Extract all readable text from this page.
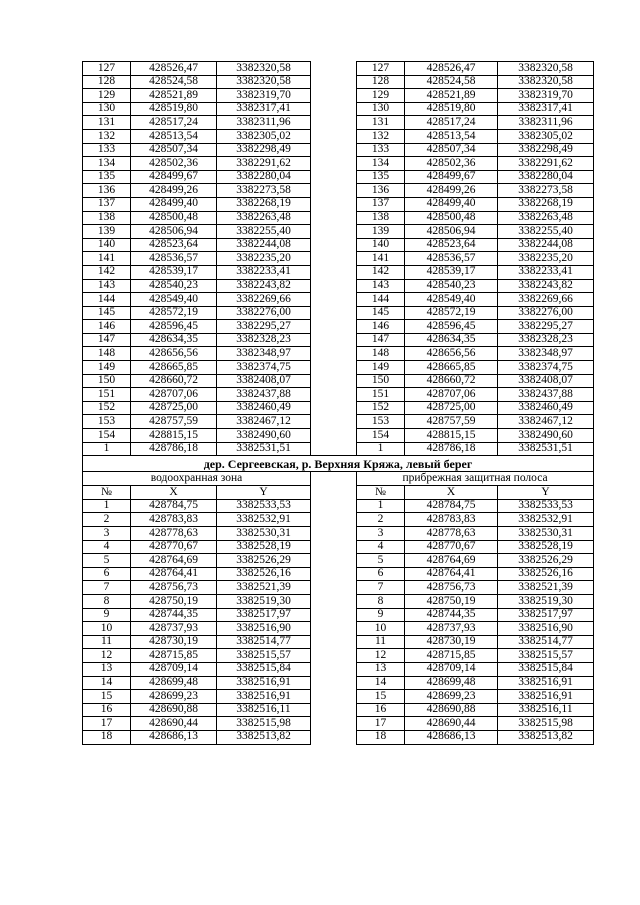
127	428526,47	3382320,58		127	428526,47	3382320,58
128	428524,58	3382320,58		128	428524,58	3382320,58
129	428521,89	3382319,70		129	428521,89	3382319,70
130	428519,80	3382317,41		130	428519,80	3382317,41
131	428517,24	3382311,96		131	428517,24	3382311,96
132	428513,54	3382305,02		132	428513,54	3382305,02
133	428507,34	3382298,49		133	428507,34	3382298,49
134	428502,36	3382291,62		134	428502,36	3382291,62
135	428499,67	3382280,04		135	428499,67	3382280,04
136	428499,26	3382273,58		136	428499,26	3382273,58
137	428499,40	3382268,19		137	428499,40	3382268,19
138	428500,48	3382263,48		138	428500,48	3382263,48
139	428506,94	3382255,40		139	428506,94	3382255,40
140	428523,64	3382244,08		140	428523,64	3382244,08
141	428536,57	3382235,20		141	428536,57	3382235,20
142	428539,17	3382233,41		142	428539,17	3382233,41
143	428540,23	3382243,82		143	428540,23	3382243,82
144	428549,40	3382269,66		144	428549,40	3382269,66
145	428572,19	3382276,00		145	428572,19	3382276,00
146	428596,45	3382295,27		146	428596,45	3382295,27
147	428634,35	3382328,23		147	428634,35	3382328,23
148	428656,56	3382348,97		148	428656,56	3382348,97
149	428665,85	3382374,75		149	428665,85	3382374,75
150	428660,72	3382408,07		150	428660,72	3382408,07
151	428707,06	3382437,88		151	428707,06	3382437,88
152	428725,00	3382460,49		152	428725,00	3382460,49
153	428757,59	3382467,12		153	428757,59	3382467,12
154	428815,15	3382490,60		154	428815,15	3382490,60
1	428786,18	3382531,51		1	428786,18	3382531,51
дер. Сергеевская, р. Верхняя Кряжа, левый берег						
водоохранная зона				прибрежная защитная полоса		
№	X	Y		№	X	Y
1	428784,75	3382533,53		1	428784,75	3382533,53
2	428783,83	3382532,91		2	428783,83	3382532,91
3	428778,63	3382530,31		3	428778,63	3382530,31
4	428770,67	3382528,19		4	428770,67	3382528,19
5	428764,69	3382526,29		5	428764,69	3382526,29
6	428764,41	3382526,16		6	428764,41	3382526,16
7	428756,73	3382521,39		7	428756,73	3382521,39
8	428750,19	3382519,30		8	428750,19	3382519,30
9	428744,35	3382517,97		9	428744,35	3382517,97
10	428737,93	3382516,90		10	428737,93	3382516,90
11	428730,19	3382514,77		11	428730,19	3382514,77
12	428715,85	3382515,57		12	428715,85	3382515,57
13	428709,14	3382515,84		13	428709,14	3382515,84
14	428699,48	3382516,91		14	428699,48	3382516,91
15	428699,23	3382516,91		15	428699,23	3382516,91
16	428690,88	3382516,11		16	428690,88	3382516,11
17	428690,44	3382515,98		17	428690,44	3382515,98
18	428686,13	3382513,82		18	428686,13	3382513,82
